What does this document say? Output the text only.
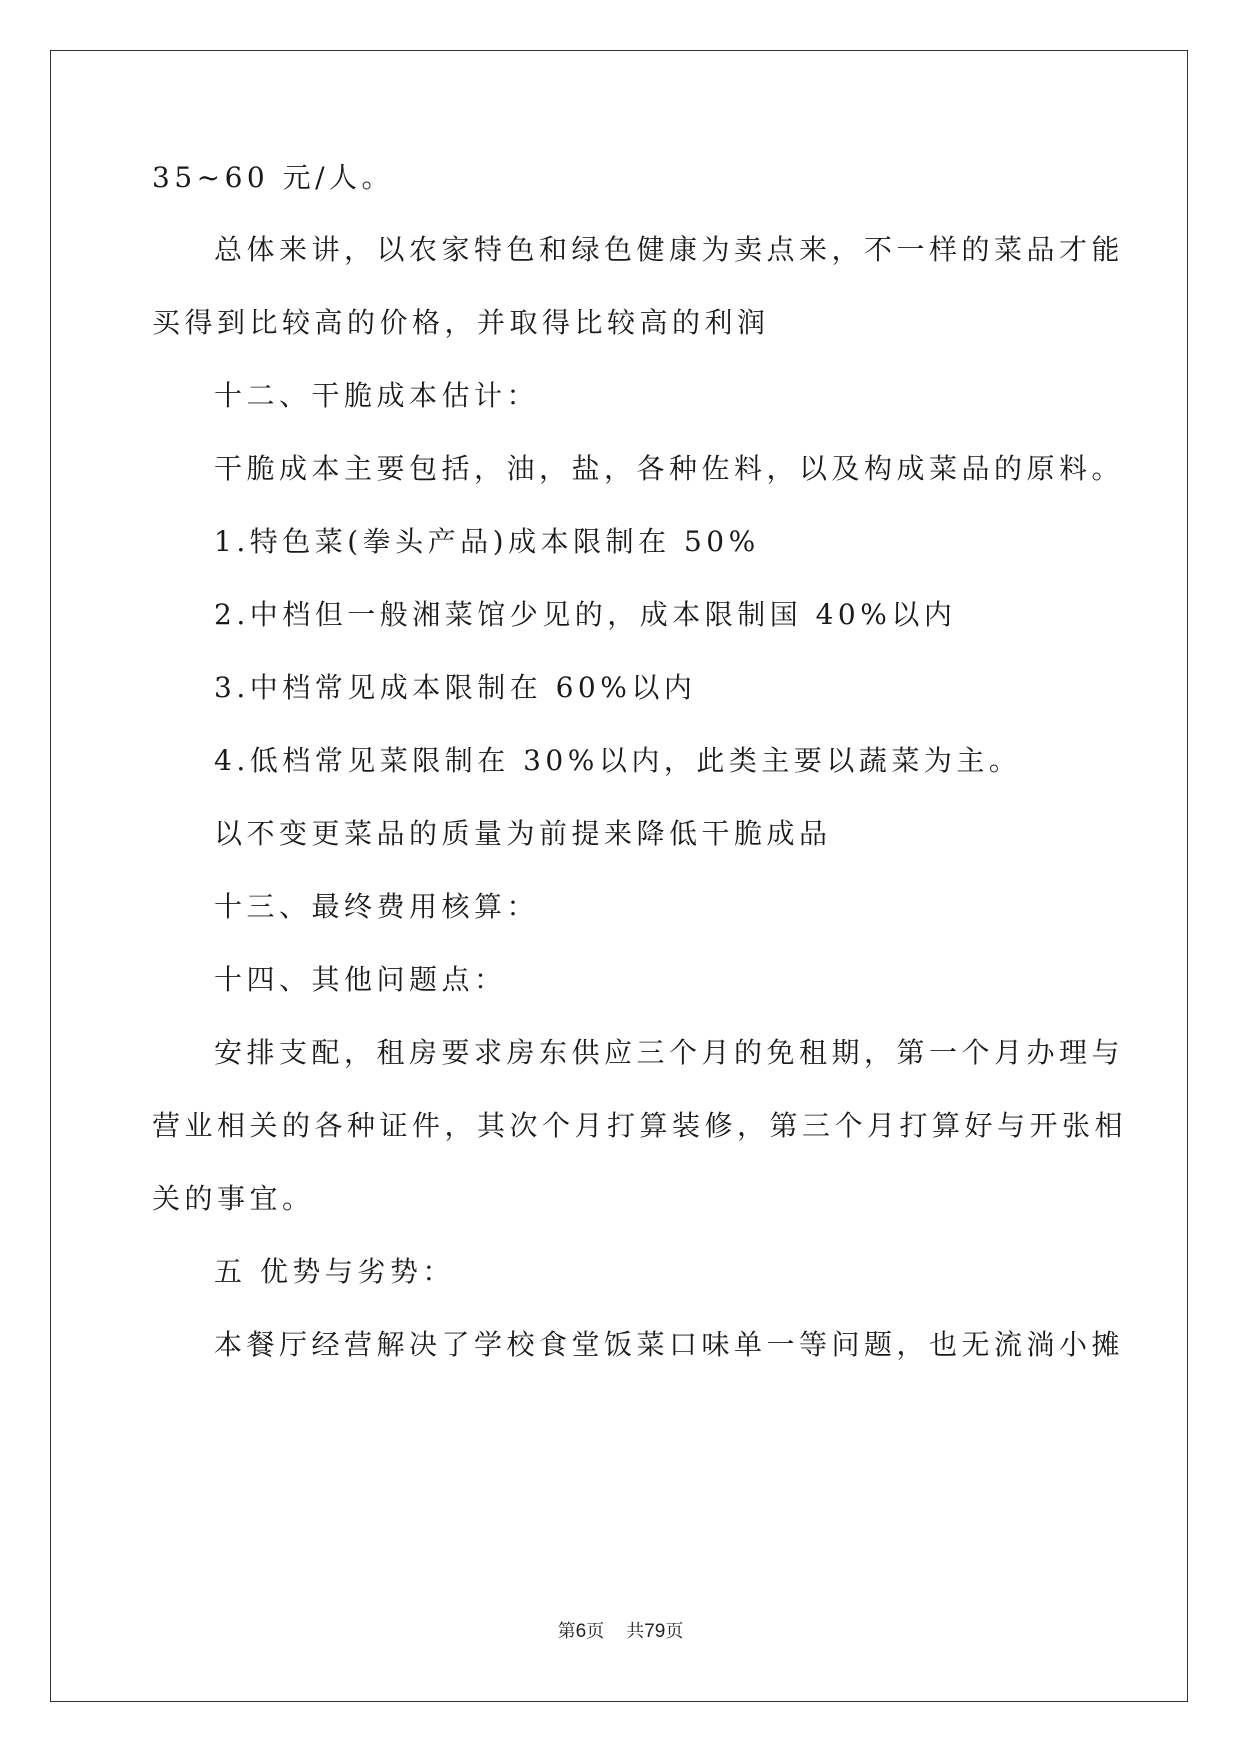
35~60 元/人。
总体来讲，以农家特色和绿色健康为卖点来，不一样的菜品才能
买得到比较高的价格，并取得比较高的利润
十二、干脆成本估计：
干脆成本主要包括，油，盐，各种佐料，以及构成菜品的原料。
1.特色菜(拳头产品)成本限制在 50%
2.中档但一般湘菜馆少见的，成本限制国 40%以内
3.中档常见成本限制在 60%以内
4.低档常见菜限制在 30%以内，此类主要以蔬菜为主。
以不变更菜品的质量为前提来降低干脆成品
十三、最终费用核算：
十四、其他问题点：
安排支配，租房要求房东供应三个月的免租期，第一个月办理与
营业相关的各种证件，其次个月打算装修，第三个月打算好与开张相
关的事宜。
五 优势与劣势：
本餐厅经营解决了学校食堂饭菜口味单一等问题，也无流淌小摊
第6页 共79页
